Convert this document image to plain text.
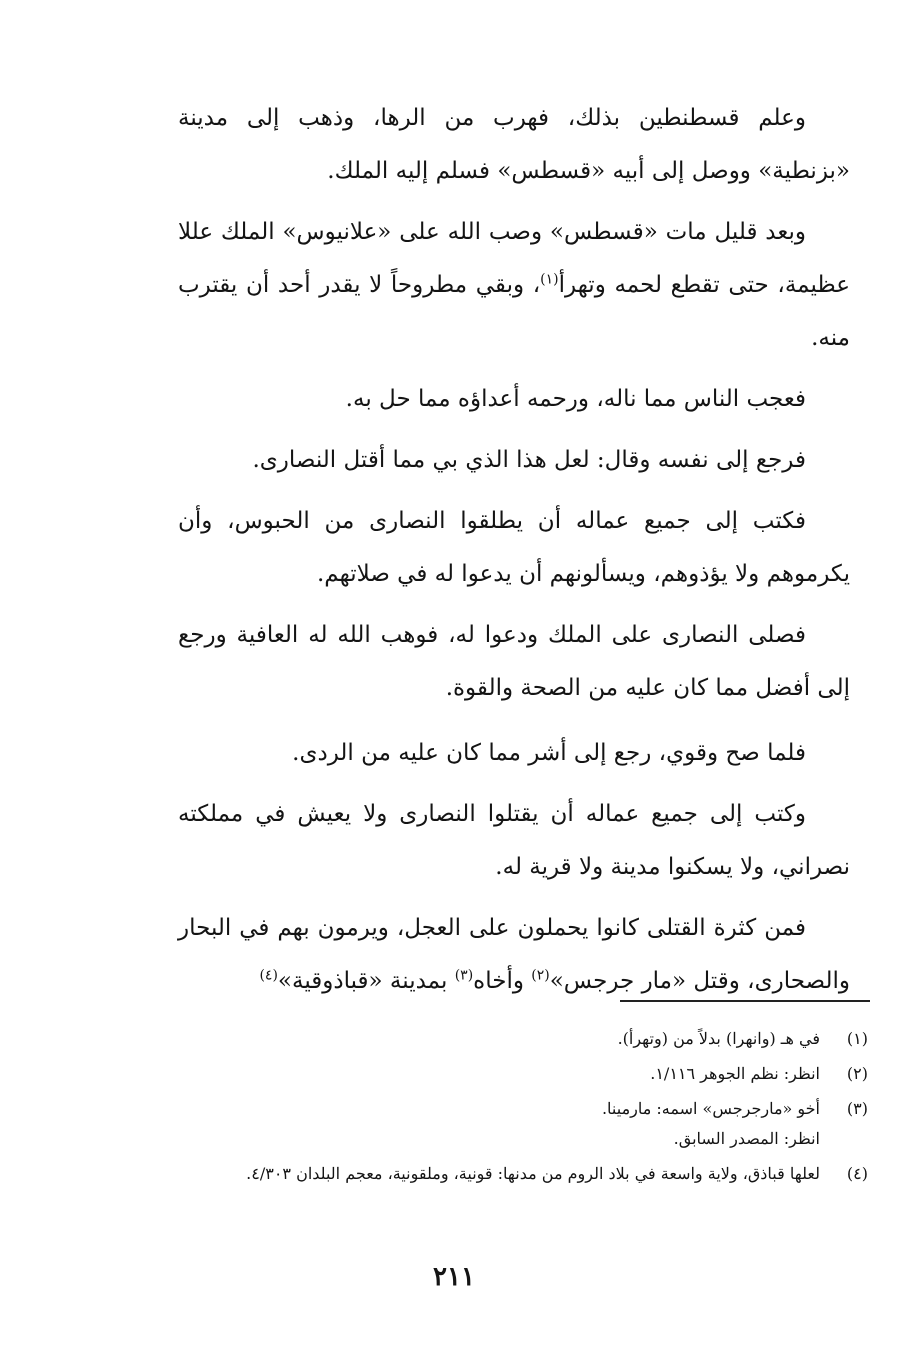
وعلم قسطنطين بذلك، فهرب من الرها، وذهب إلى مدينة «بزنطية» ووصل إلى أبيه «قسطس» فسلم إليه الملك.

وبعد قليل مات «قسطس» وصب الله على «علانيوس» الملك عللا عظيمة، حتى تقطع لحمه وتهرأ$^{(١)}$، وبقي مطروحاً لا يقدر أحد أن يقترب منه.

فعجب الناس مما ناله، ورحمه أعداؤه مما حل به.

فرجع إلى نفسه وقال: لعل هذا الذي بي مما أقتل النصارى.

فكتب إلى جميع عماله أن يطلقوا النصارى من الحبوس، وأن يكرموهم ولا يؤذوهم، ويسألونهم أن يدعوا له في صلاتهم.

فصلى النصارى على الملك ودعوا له، فوهب الله له العافية ورجع إلى أفضل مما كان عليه من الصحة والقوة.

فلما صح وقوي، رجع إلى أشر مما كان عليه من الردى.

وكتب إلى جميع عماله أن يقتلوا النصارى ولا يعيش في مملكته نصراني، ولا يسكنوا مدينة ولا قرية له.

فمن كثرة القتلى كانوا يحملون على العجل، ويرمون بهم في البحار والصحارى، وقتل «مار جرجس»$^{(٢)}$ وأخاه$^{(٣)}$ بمدينة «قباذوقية»$^{(٤)}$

(١)
في هـ (وانهرا) بدلاً من (وتهرأ).
(٢)
انظر: نظم الجوهر ١/١١٦.
(٣)
أخو «مارجرجس» اسمه: مارمينا.
انظر: المصدر السابق.
(٤)
لعلها قباذق، ولاية واسعة في بلاد الروم من مدنها: قونية، وملقونية، معجم البلدان ٤/٣٠٣.
٢١١
